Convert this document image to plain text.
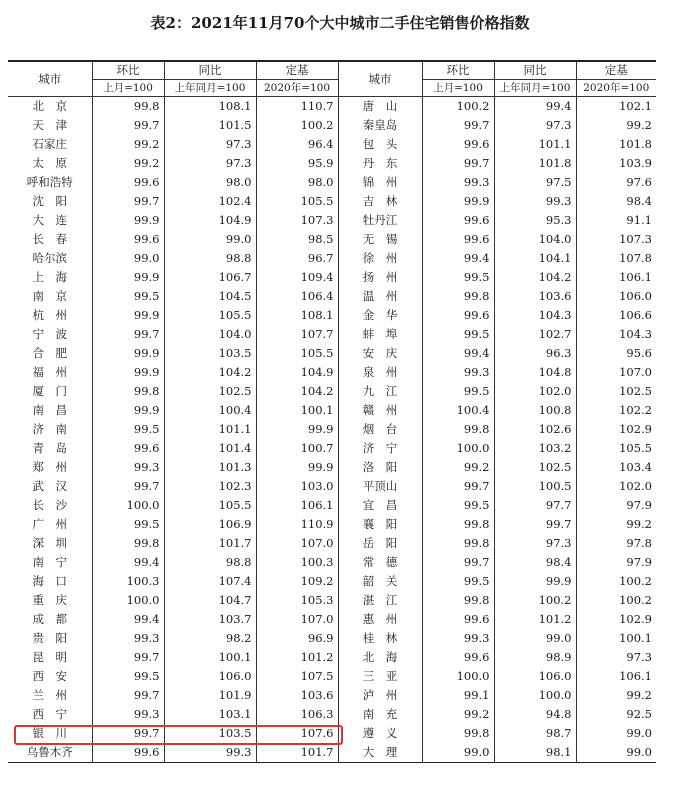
表2：2021年11月70个大中城市二手住宅销售价格指数
城市	环比	同比	定基	城市	环比	同比	定基
	上月=100	上年同月=100	2020年=100		上月=100	上年同月=100	2020年=100
北　京	99.8	108.1	110.7	唐　山	100.2	99.4	102.1
天　津	99.7	101.5	100.2	秦皇岛	99.7	97.3	99.2
石家庄	99.2	97.3	96.4	包　头	99.6	101.1	101.8
太　原	99.2	97.3	95.9	丹　东	99.7	101.8	103.9
呼和浩特	99.6	98.0	98.0	锦　州	99.3	97.5	97.6
沈　阳	99.7	102.4	105.5	吉　林	99.9	99.3	98.4
大　连	99.9	104.9	107.3	牡丹江	99.6	95.3	91.1
长　春	99.6	99.0	98.5	无　锡	99.6	104.0	107.3
哈尔滨	99.0	98.8	96.7	徐　州	99.4	104.1	107.8
上　海	99.9	106.7	109.4	扬　州	99.5	104.2	106.1
南　京	99.5	104.5	106.4	温　州	99.8	103.6	106.0
杭　州	99.9	105.5	108.1	金　华	99.6	104.3	106.6
宁　波	99.7	104.0	107.7	蚌　埠	99.5	102.7	104.3
合　肥	99.9	103.5	105.5	安　庆	99.4	96.3	95.6
福　州	99.9	104.2	104.9	泉　州	99.3	104.8	107.0
厦　门	99.8	102.5	104.2	九　江	99.5	102.0	102.5
南　昌	99.9	100.4	100.1	赣　州	100.4	100.8	102.2
济　南	99.5	101.1	99.9	烟　台	99.8	102.6	102.9
青　岛	99.6	101.4	100.7	济　宁	100.0	103.2	105.5
郑　州	99.3	101.3	99.9	洛　阳	99.2	102.5	103.4
武　汉	99.7	102.3	103.0	平顶山	99.7	100.5	102.0
长　沙	100.0	105.5	106.1	宜　昌	99.5	97.7	97.9
广　州	99.5	106.9	110.9	襄　阳	99.8	99.7	99.2
深　圳	99.8	101.7	107.0	岳　阳	99.8	97.3	97.8
南　宁	99.4	98.8	100.3	常　德	99.7	98.4	97.9
海　口	100.3	107.4	109.2	韶　关	99.5	99.9	100.2
重　庆	100.0	104.7	105.3	湛　江	99.8	100.2	100.2
成　都	99.4	103.7	107.0	惠　州	99.6	101.2	102.9
贵　阳	99.3	98.2	96.9	桂　林	99.3	99.0	100.1
昆　明	99.7	100.1	101.2	北　海	99.6	98.9	97.3
西　安	99.5	106.0	107.5	三　亚	100.0	106.0	106.1
兰　州	99.7	101.9	103.6	泸　州	99.1	100.0	99.2
西　宁	99.3	103.1	106.3	南　充	99.2	94.8	92.5
银　川	99.7	103.5	107.6	遵　义	99.8	98.7	99.0
乌鲁木齐	99.6	99.3	101.7	大　理	99.0	98.1	99.0
